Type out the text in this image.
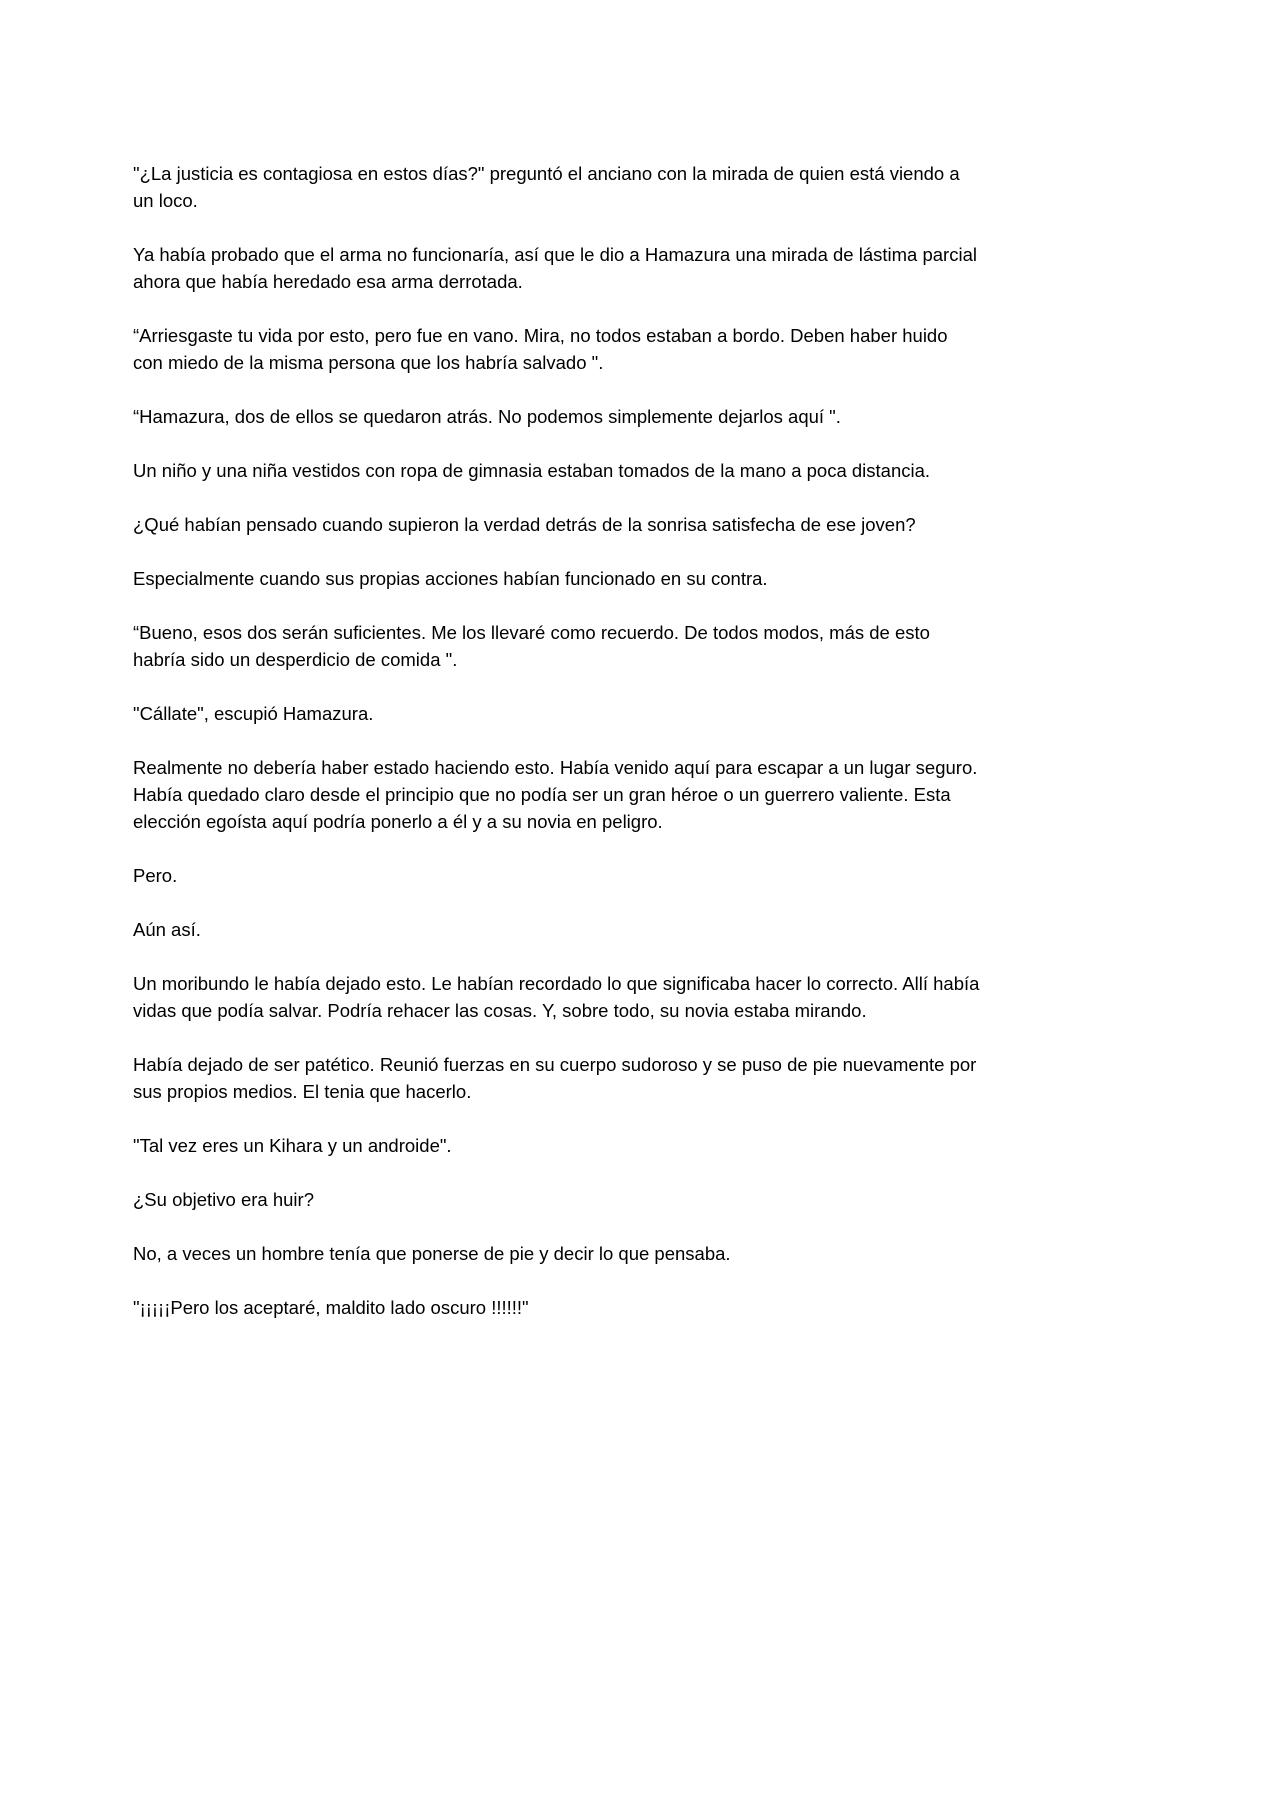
"¿La justicia es contagiosa en estos días?" preguntó el anciano con la mirada de quien está viendo a un loco.

Ya había probado que el arma no funcionaría, así que le dio a Hamazura una mirada de lástima parcial ahora que había heredado esa arma derrotada.

“Arriesgaste tu vida por esto, pero fue en vano. Mira, no todos estaban a bordo. Deben haber huido con miedo de la misma persona que los habría salvado ".

“Hamazura, dos de ellos se quedaron atrás. No podemos simplemente dejarlos aquí ".

Un niño y una niña vestidos con ropa de gimnasia estaban tomados de la mano a poca distancia.

¿Qué habían pensado cuando supieron la verdad detrás de la sonrisa satisfecha de ese joven?

Especialmente cuando sus propias acciones habían funcionado en su contra.

“Bueno, esos dos serán suficientes. Me los llevaré como recuerdo. De todos modos, más de esto habría sido un desperdicio de comida ".

"Cállate", escupió Hamazura.

Realmente no debería haber estado haciendo esto. Había venido aquí para escapar a un lugar seguro. Había quedado claro desde el principio que no podía ser un gran héroe o un guerrero valiente. Esta elección egoísta aquí podría ponerlo a él y a su novia en peligro.

Pero.

Aún así.

Un moribundo le había dejado esto. Le habían recordado lo que significaba hacer lo correcto. Allí había vidas que podía salvar. Podría rehacer las cosas. Y, sobre todo, su novia estaba mirando.

Había dejado de ser patético. Reunió fuerzas en su cuerpo sudoroso y se puso de pie nuevamente por sus propios medios. El tenia que hacerlo.

"Tal vez eres un Kihara y un androide".

¿Su objetivo era huir?

No, a veces un hombre tenía que ponerse de pie y decir lo que pensaba.

"¡¡¡¡¡Pero los aceptaré, maldito lado oscuro !!!!!!"
